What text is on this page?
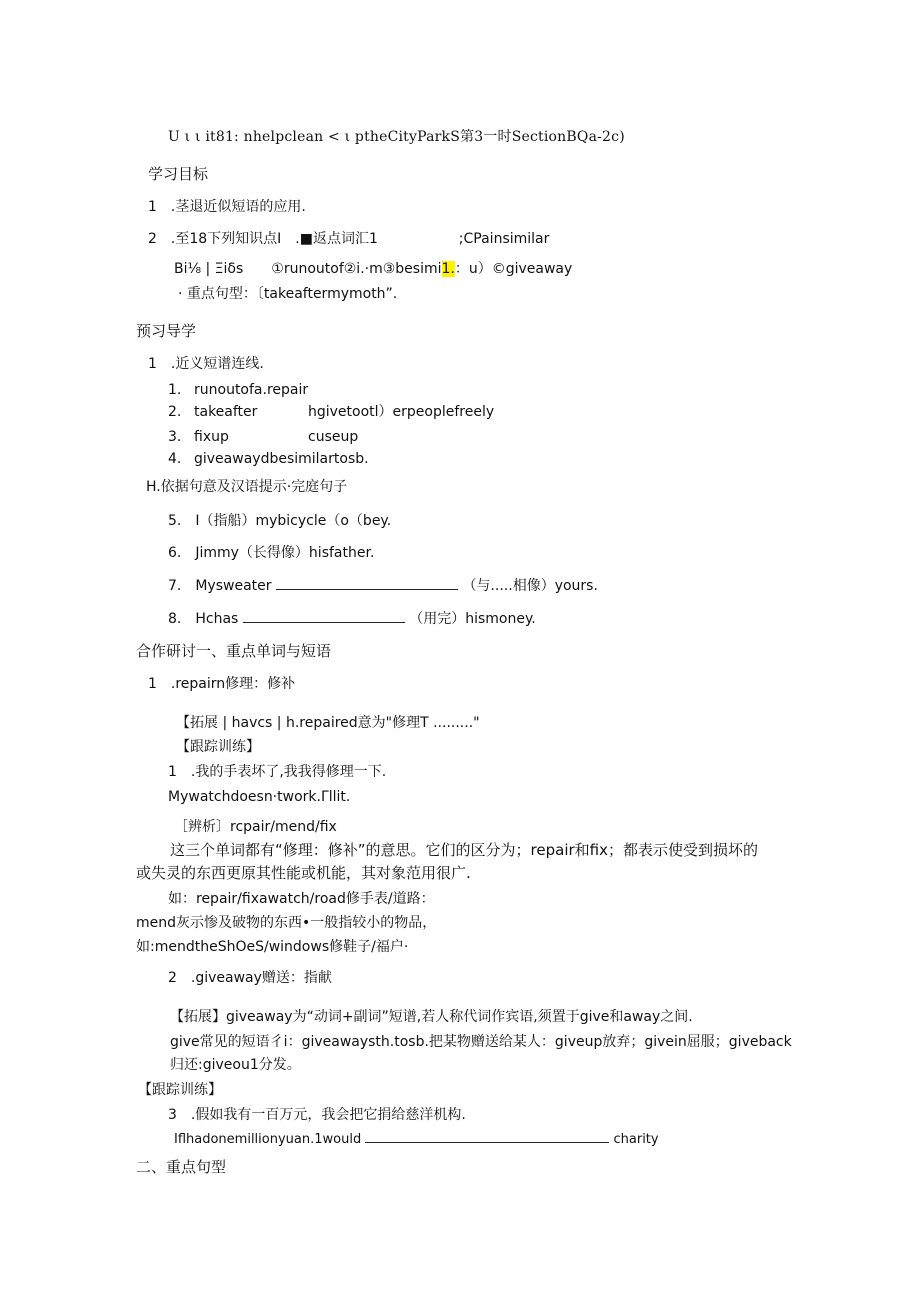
U ι ι it81: nhelpclean < ι ptheCityParkS第3一时SectionBQa-2c)
学习目标
1　.茎退近似短语的应用.
2　.至18下列知识点I　.■返点词汇1	;CPainsimilar
Bi⅛ | Ξiδs　　①runoutof②i.·m③besimi1.：u）©giveaway
· 重点句型：〔takeaftermymoth”.
预习导学
1　.近义短谱连线.
1. runoutofa.repair
2. takeafter	hgivetootl）erpeoplefreely
3. fixup	cuseup
4. giveawaydbesimilartosb.
H.依据句意及汉语提示·完庭句子
5.　I（指船）mybicycle（o（bey.
6.　Jimmy（长得像）hisfather.
7.　Mysweater	（与.....相像）yours.
8.　Hchas	（用完）hismoney.
合作研讨一、重点单词与短语
1　.repairn修理：修补
【拓展 | havcs | h.repaired意为"修理T ........."
【跟踪训练】
1　.我的手表坏了,我我得修理一下.
Mywatchdoesn·twork.Γllit.
［辨析〕rcpair/mend/fix
这三个单词都有“修理：修补”的意思。它们的区分为；repair和fix；都表示使受到损坏的
或失灵的东西更原其性能或机能，其对象范用很广.
如：repair/fixawatch/road修手表/道路：
mend灰示惨及破物的东西•一般指较小的物品，
如:mendtheShOeS/windows修鞋子/福户·
2　.giveaway赠送：指献
【拓展】giveaway为“动词+副词”短谱,若人称代词作宾语,须置于give和away之间.
give常见的短语彳i：giveawaysth.tosb.把某物赠送给某人：giveup放弃；givein屈服；giveback
归还:giveou1分发。
【跟踪训练】
3　.假如我有一百万元，我会把它捐给慈洋机构.
Iflhadonemillionyuan.1would	charity
二、重点句型
